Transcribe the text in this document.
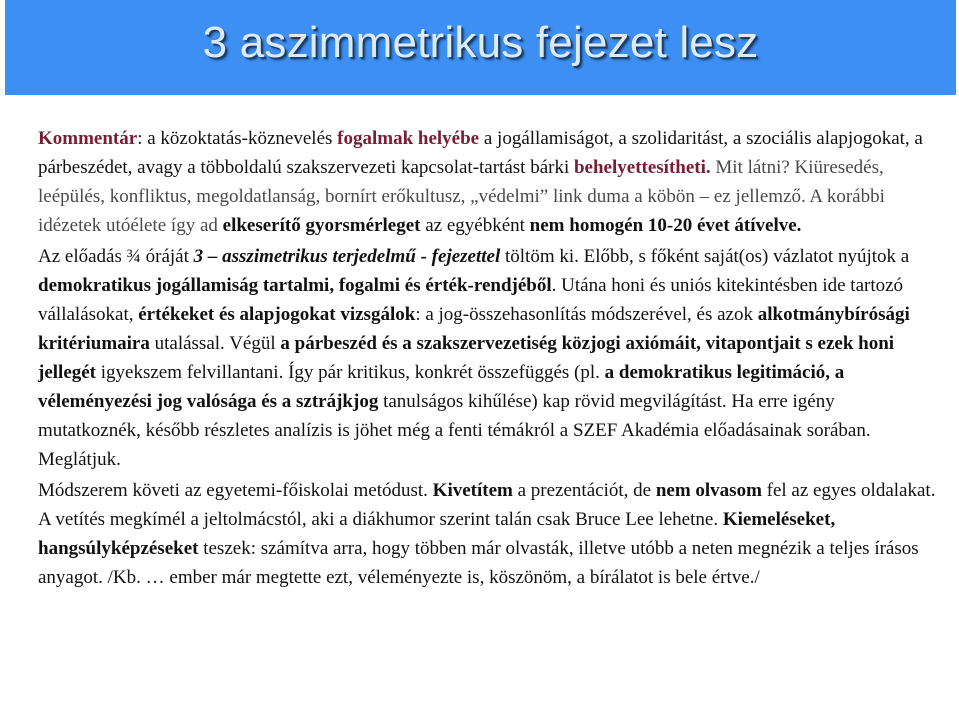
3 aszimmetrikus fejezet lesz

Kommentár: a közoktatás-köznevelés fogalmak helyébe a jogállamiságot, a szolidaritást, a szociális alapjogokat, a párbeszédet, avagy a többoldalú szakszervezeti kapcsolat-tartást bárki behelyettesítheti. Mit látni? Kiüresedés, leépülés, konfliktus, megoldatlanság, bornírt erőkultusz, „védelmi” link duma a köbön – ez jellemző. A korábbi idézetek utóélete így ad elkeserítő gyorsmérleget az egyébként nem homogén 10-20 évet átívelve.

Az előadás ¾ óráját 3 – asszimetrikus terjedelmű - fejezettel töltöm ki. Előbb, s főként saját(os) vázlatot nyújtok a demokratikus jogállamiság tartalmi, fogalmi és érték-rendjéből. Utána honi és uniós kitekintésben ide tartozó vállalásokat, értékeket és alapjogokat vizsgálok: a jog-összehasonlítás módszerével, és azok alkotmánybírósági kritériumaira utalással. Végül a párbeszéd és a szakszervezetiség közjogi axiómáit, vitapontjait s ezek honi jellegét igyekszem felvillantani. Így pár kritikus, konkrét összefüggés (pl. a demokratikus legitimáció, a véleményezési jog valósága és a sztrájkjog tanulságos kihűlése) kap rövid megvilágítást. Ha erre igény mutatkoznék, később részletes analízis is jöhet még a fenti témákról a SZEF Akadémia előadásainak sorában. Meglátjuk.

Módszerem követi az egyetemi-főiskolai metódust. Kivetítem a prezentációt, de nem olvasom fel az egyes oldalakat. A vetítés megkímél a jeltolmácstól, aki a diákhumor szerint talán csak Bruce Lee lehetne. Kiemeléseket, hangsúlyképzéseket teszek: számítva arra, hogy többen már olvasták, illetve utóbb a neten megnézik a teljes írásos anyagot. /Kb. … ember már megtette ezt, véleményezte is, köszönöm, a bírálatot is bele értve./
